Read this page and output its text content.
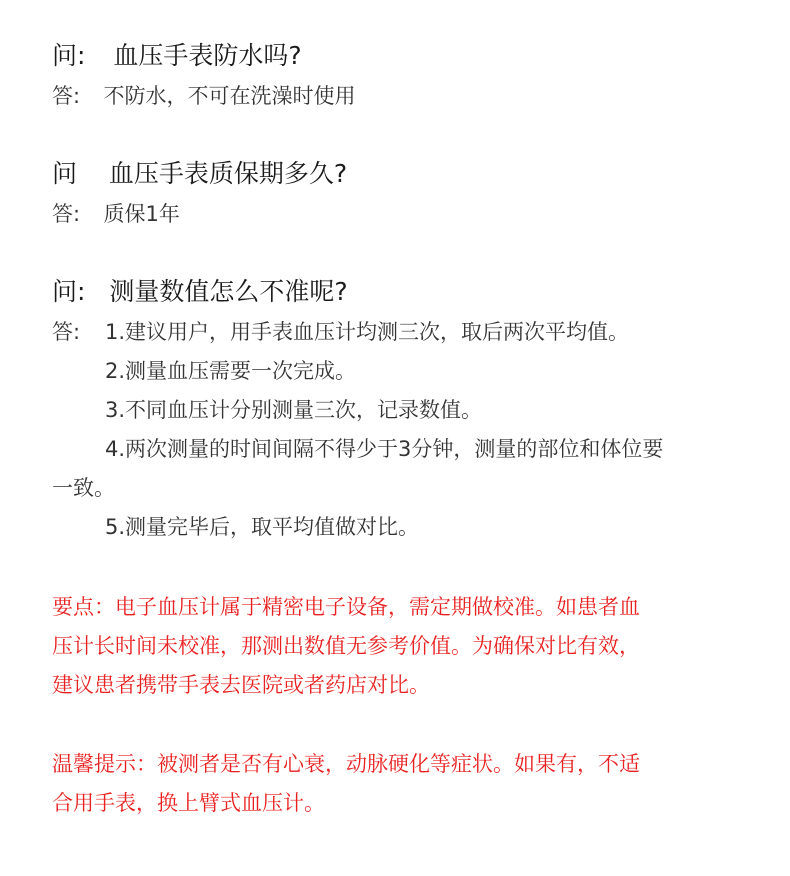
问: 血压手表防水吗?
答: 不防水，不可在洗澡时使用
问 血压手表质保期多久?
答: 质保1年
问: 测量数值怎么不准呢?
答: 1.建议用户，用手表血压计均测三次，取后两次平均值。
2.测量血压需要一次完成。
3.不同血压计分别测量三次，记录数值。
4.两次测量的时间间隔不得少于3分钟，测量的部位和体位要
一致。
5.测量完毕后，取平均值做对比。
要点：电子血压计属于精密电子设备，需定期做校准。如患者血
压计长时间未校准，那测出数值无参考价值。为确保对比有效，
建议患者携带手表去医院或者药店对比。
温馨提示：被测者是否有心衰，动脉硬化等症状。如果有，不适
合用手表，换上臂式血压计。
